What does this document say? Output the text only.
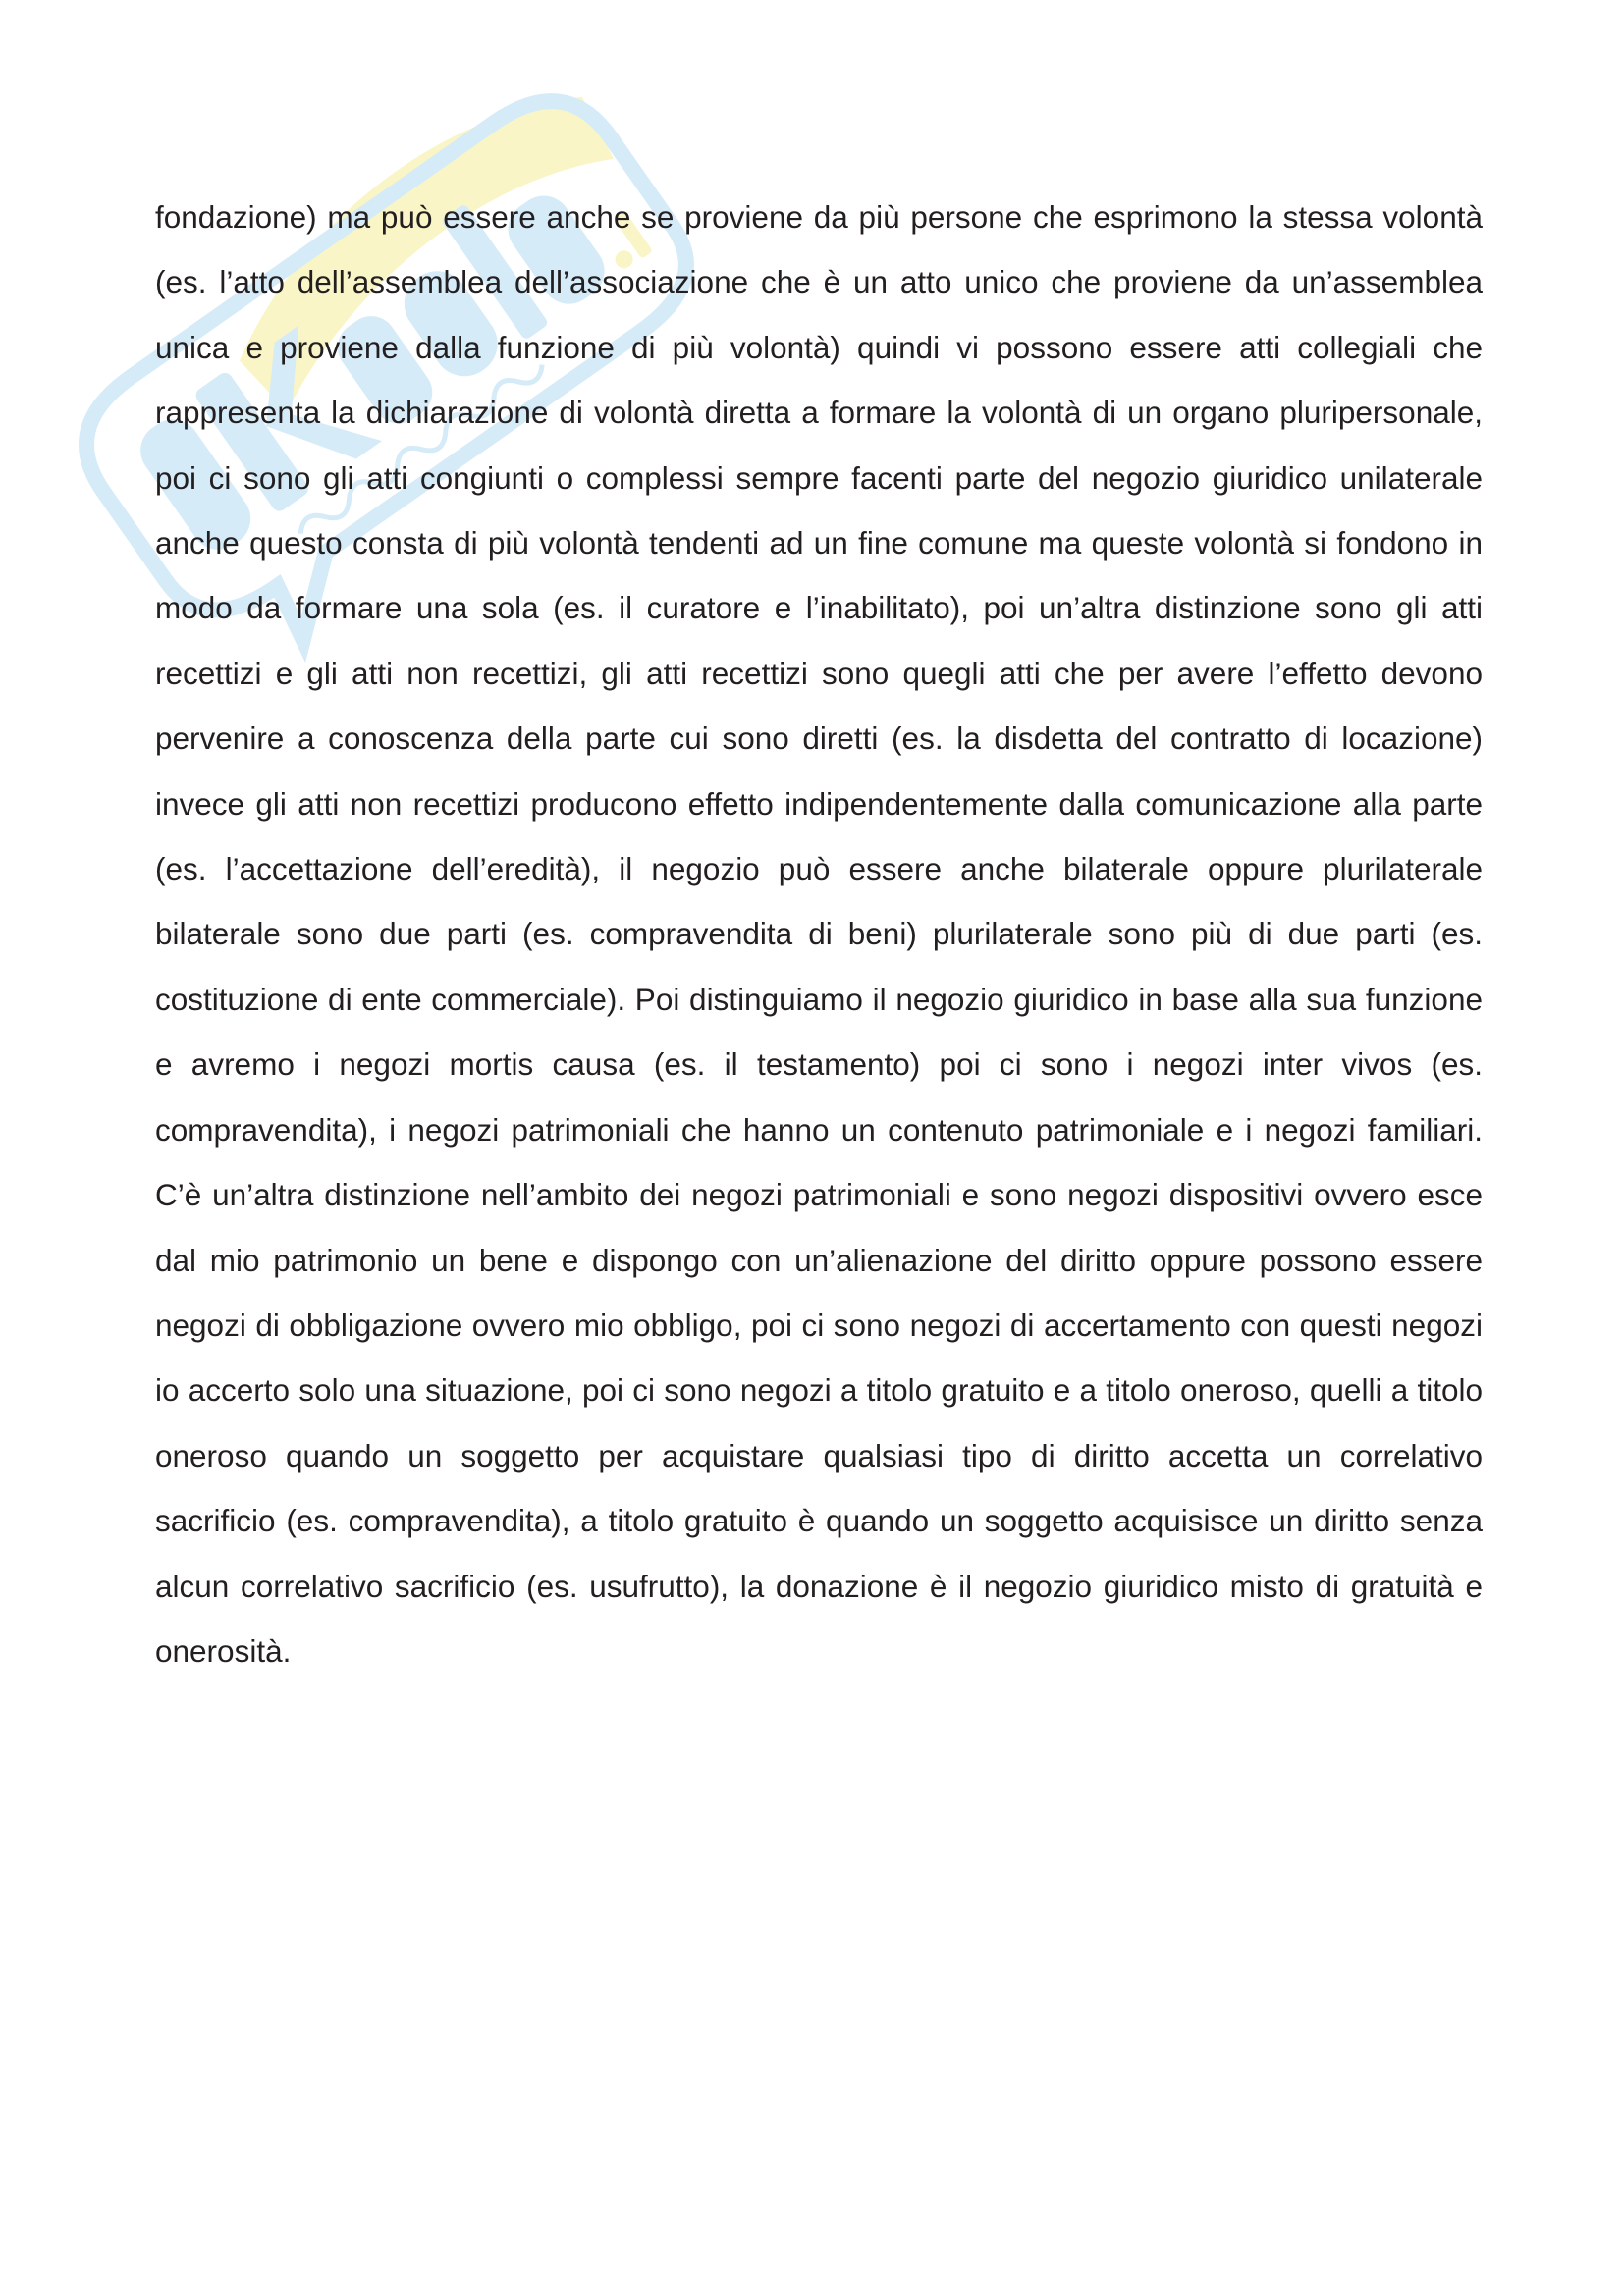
fondazione) ma può essere anche se proviene da più persone che esprimono la stessa volontà (es. l’atto dell’assemblea dell’associazione che è un atto unico che proviene da un’assemblea unica e proviene dalla funzione di più volontà) quindi vi possono essere atti collegiali che rappresenta la dichiarazione di volontà diretta a formare la volontà di un organo pluripersonale, poi ci sono gli atti congiunti o complessi sempre facenti parte del negozio giuridico unilaterale anche questo consta di più volontà tendenti ad un fine comune ma queste volontà si fondono in modo da formare una sola (es. il curatore e l’inabilitato), poi un’altra distinzione sono gli atti recettizi e gli atti non recettizi, gli atti recettizi sono quegli atti che per avere l’effetto devono pervenire a conoscenza della parte cui sono diretti (es. la disdetta del contratto di locazione) invece gli atti non recettizi producono effetto indipendentemente dalla comunicazione alla parte (es. l’accettazione dell’eredità), il negozio può essere anche bilaterale oppure plurilaterale bilaterale sono due parti (es. compravendita di beni) plurilaterale sono più di due parti (es. costituzione di ente commerciale). Poi distinguiamo il negozio giuridico in base alla sua funzione e avremo i negozi mortis causa (es. il testamento) poi ci sono i negozi inter vivos (es. compravendita), i negozi patrimoniali che hanno un contenuto patrimoniale e i negozi familiari. C’è un’altra distinzione nell’ambito dei negozi patrimoniali e sono negozi dispositivi ovvero esce dal mio patrimonio un bene e dispongo con un’alienazione del diritto oppure possono essere negozi di obbligazione ovvero mio obbligo, poi ci sono negozi di accertamento con questi negozi io accerto solo una situazione, poi ci sono negozi a titolo gratuito e a titolo oneroso, quelli a titolo oneroso quando un soggetto per acquistare qualsiasi tipo di diritto accetta un correlativo sacrificio (es. compravendita), a titolo gratuito è quando un soggetto acquisisce un diritto senza alcun correlativo sacrificio (es. usufrutto), la donazione è il negozio giuridico misto di gratuità e onerosità.
